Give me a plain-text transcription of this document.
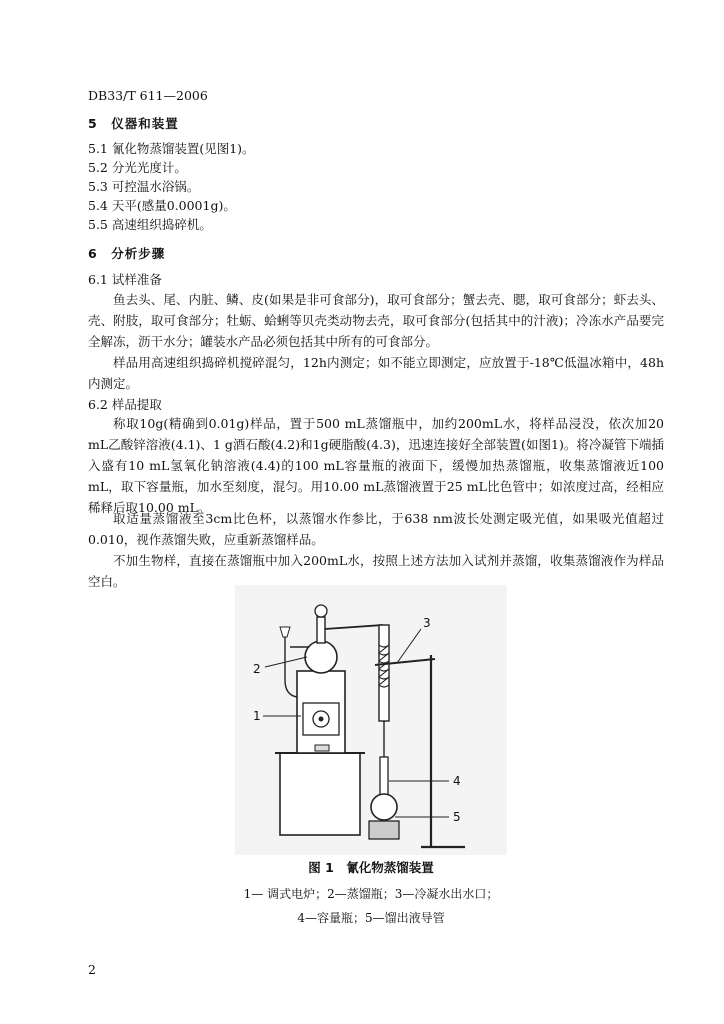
DB33/T 611—2006
5　仪器和装置
5.1 氰化物蒸馏装置(见图1)。
5.2 分光光度计。
5.3 可控温水浴锅。
5.4 天平(感量0.0001g)。
5.5 高速组织捣碎机。
6　分析步骤
6.1 试样准备
鱼去头、尾、内脏、鳞、皮(如果是非可食部分)，取可食部分；蟹去壳、腮，取可食部分；虾去头、壳、附肢，取可食部分；牡蛎、蛤蜊等贝壳类动物去壳，取可食部分(包括其中的汁液)；冷冻水产品要完全解冻，沥干水分；罐装水产品必须包括其中所有的可食部分。
样品用高速组织捣碎机搅碎混匀，12h内测定；如不能立即测定，应放置于-18℃低温冰箱中，48h内测定。
6.2 样品提取
称取10g(精确到0.01g)样品，置于500 mL蒸馏瓶中，加约200mL水，将样品浸没，依次加20 mL乙酸锌溶液(4.1)、1 g酒石酸(4.2)和1g硬脂酸(4.3)，迅速连接好全部装置(如图1)。将冷凝管下端插入盛有10 mL氢氧化钠溶液(4.4)的100 mL容量瓶的液面下，缓慢加热蒸馏瓶，收集蒸馏液近100 mL，取下容量瓶，加水至刻度，混匀。用10.00 mL蒸馏液置于25 mL比色管中；如浓度过高，经相应稀释后取10.00 mL。
取适量蒸馏液至3cm比色杯，以蒸馏水作参比，于638 nm波长处测定吸光值，如果吸光值超过0.010，视作蒸馏失败，应重新蒸馏样品。
不加生物样，直接在蒸馏瓶中加入200mL水，按照上述方法加入试剂并蒸馏，收集蒸馏液作为样品空白。
1
2
3
4
5
图 1　氰化物蒸馏装置
1— 调式电炉；2—蒸馏瓶；3—冷凝水出水口；
4—容量瓶；5—馏出液导管
2
